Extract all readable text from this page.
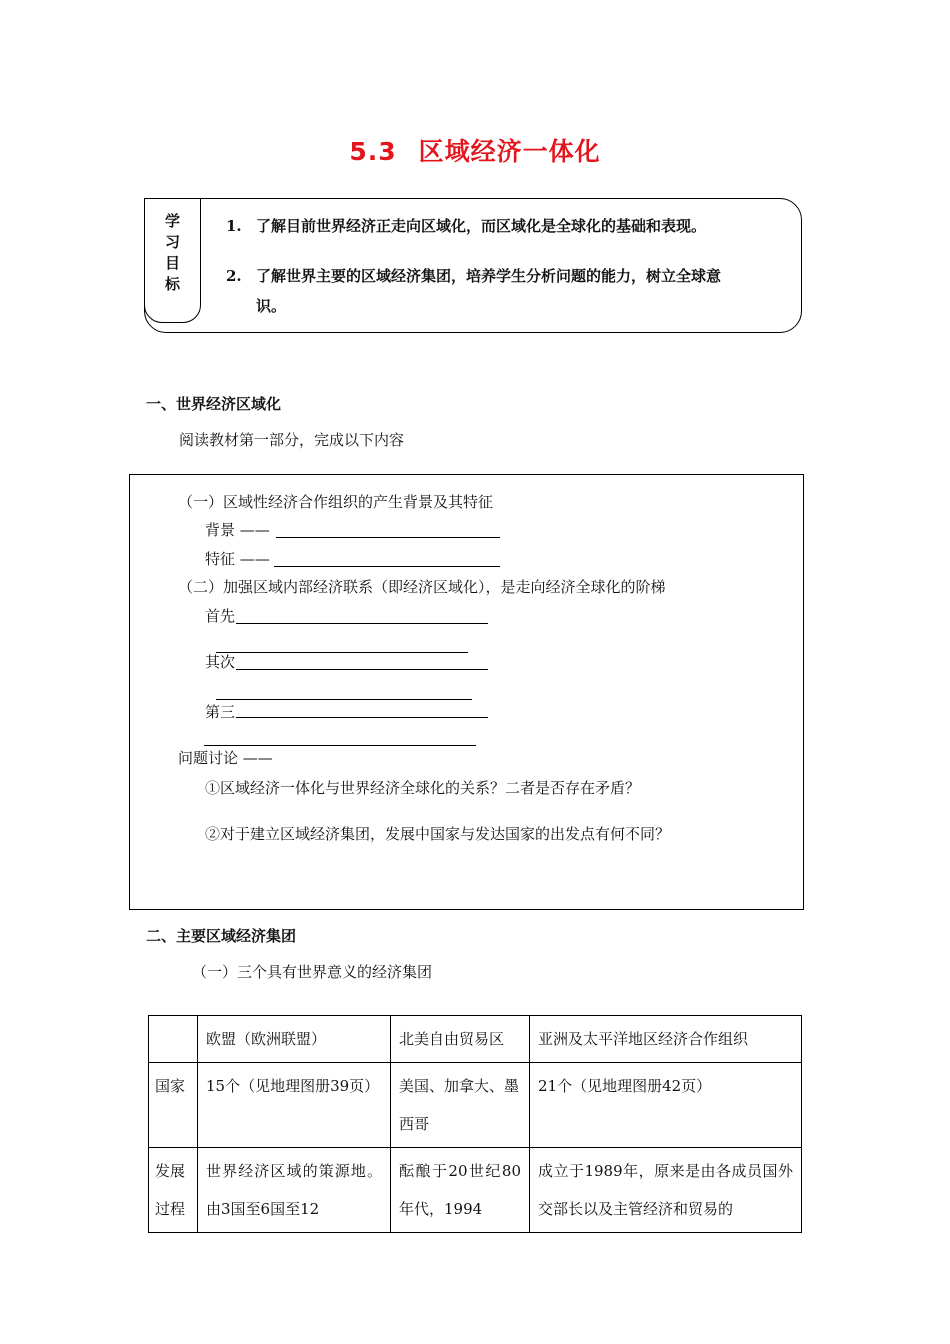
5.3 区域经济一体化
学
习
目
标
1. 了解目前世界经济正走向区域化，而区域化是全球化的基础和表现。
2. 了解世界主要的区域经济集团，培养学生分析问题的能力，树立全球意
识。
一、世界经济区域化
阅读教材第一部分，完成以下内容
（一）区域性经济合作组织的产生背景及其特征
背景 ——
特征 ——
（二）加强区域内部经济联系（即经济区域化），是走向经济全球化的阶梯
首先
其次
第三
问题讨论 ——
①区域经济一体化与世界经济全球化的关系？二者是否存在矛盾？
②对于建立区域经济集团，发展中国家与发达国家的出发点有何不同？
二、主要区域经济集团
（一）三个具有世界意义的经济集团
	欧盟（欧洲联盟）	北美自由贸易区	亚洲及太平洋地区经济合作组织
国家	15个（见地理图册39页）	美国、加拿大、墨西哥	21个（见地理图册42页）
发展过程	世界经济区域的策源地。由3国至6国至12	酝酿于20世纪80年代，1994	成立于1989年，原来是由各成员国外交部长以及主管经济和贸易的
